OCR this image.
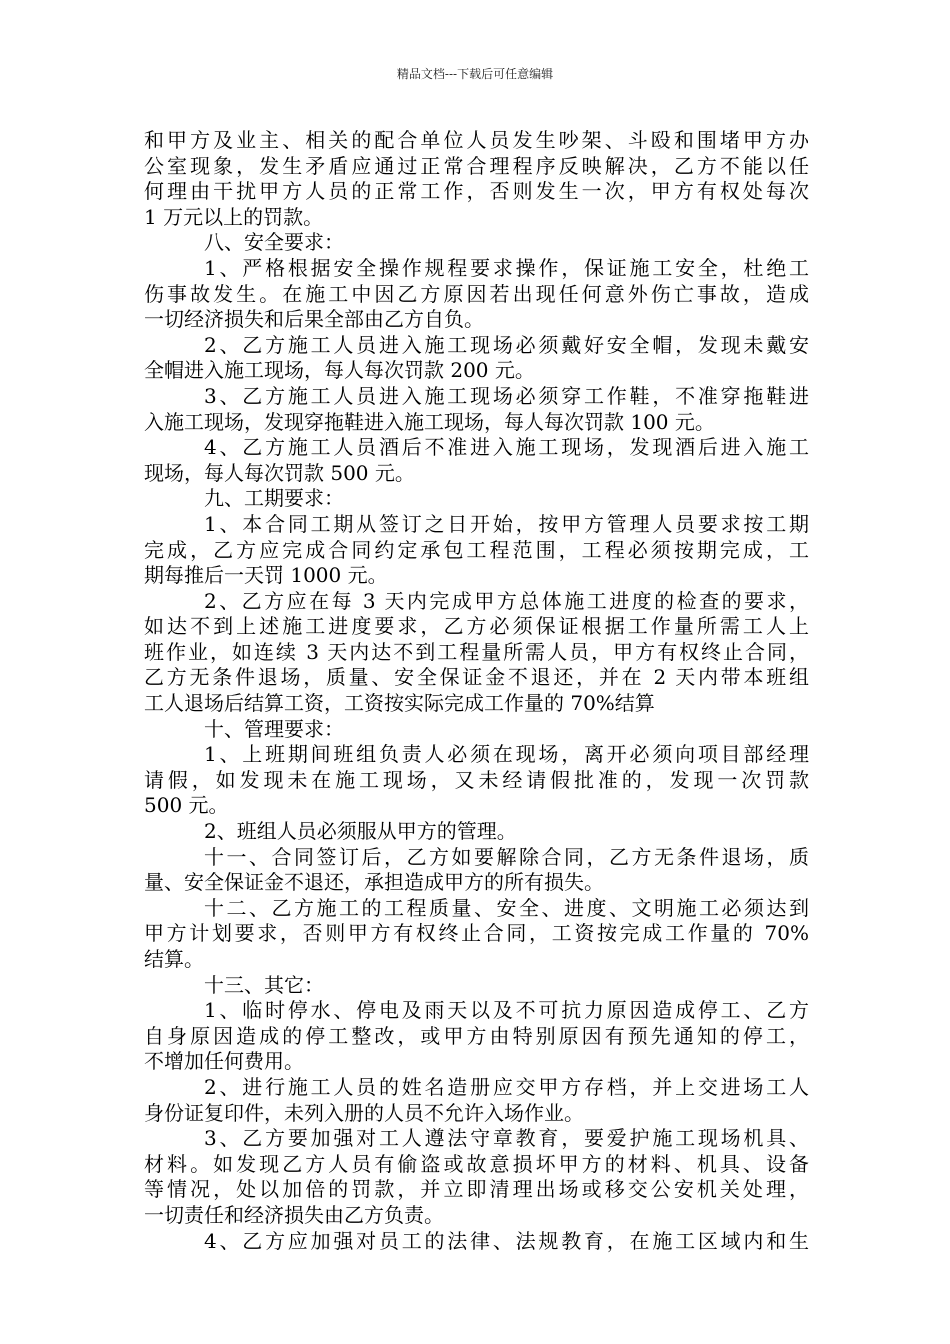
精品文档---下载后可任意编辑
和甲方及业主、相关的配合单位人员发生吵架、斗殴和围堵甲方办
公室现象，发生矛盾应通过正常合理程序反映解决，乙方不能以任
何理由干扰甲方人员的正常工作，否则发生一次，甲方有权处每次
1 万元以上的罚款。
八、安全要求：
1、严格根据安全操作规程要求操作，保证施工安全，杜绝工
伤事故发生。在施工中因乙方原因若出现任何意外伤亡事故，造成
一切经济损失和后果全部由乙方自负。
2、乙方施工人员进入施工现场必须戴好安全帽，发现未戴安
全帽进入施工现场，每人每次罚款 200 元。
3、乙方施工人员进入施工现场必须穿工作鞋，不准穿拖鞋进
入施工现场，发现穿拖鞋进入施工现场，每人每次罚款 100 元。
4、乙方施工人员酒后不准进入施工现场，发现酒后进入施工
现场，每人每次罚款 500 元。
九、工期要求：
1、本合同工期从签订之日开始，按甲方管理人员要求按工期
完成，乙方应完成合同约定承包工程范围，工程必须按期完成，工
期每推后一天罚 1000 元。
2、乙方应在每 3 天内完成甲方总体施工进度的检查的要求，
如达不到上述施工进度要求，乙方必须保证根据工作量所需工人上
班作业，如连续 3 天内达不到工程量所需人员，甲方有权终止合同，
乙方无条件退场，质量、安全保证金不退还，并在 2 天内带本班组
工人退场后结算工资，工资按实际完成工作量的 70%结算
十、管理要求：
1、上班期间班组负责人必须在现场，离开必须向项目部经理
请假，如发现未在施工现场，又未经请假批准的，发现一次罚款
500 元。
2、班组人员必须服从甲方的管理。
十一、合同签订后，乙方如要解除合同，乙方无条件退场，质
量、安全保证金不退还，承担造成甲方的所有损失。
十二、乙方施工的工程质量、安全、进度、文明施工必须达到
甲方计划要求，否则甲方有权终止合同，工资按完成工作量的 70%
结算。
十三、其它：
1、临时停水、停电及雨天以及不可抗力原因造成停工、乙方
自身原因造成的停工整改，或甲方由特别原因有预先通知的停工，
不增加任何费用。
2、进行施工人员的姓名造册应交甲方存档，并上交进场工人
身份证复印件，未列入册的人员不允许入场作业。
3、乙方要加强对工人遵法守章教育，要爱护施工现场机具、
材料。如发现乙方人员有偷盗或故意损坏甲方的材料、机具、设备
等情况，处以加倍的罚款，并立即清理出场或移交公安机关处理，
一切责任和经济损失由乙方负责。
4、乙方应加强对员工的法律、法规教育，在施工区域内和生
